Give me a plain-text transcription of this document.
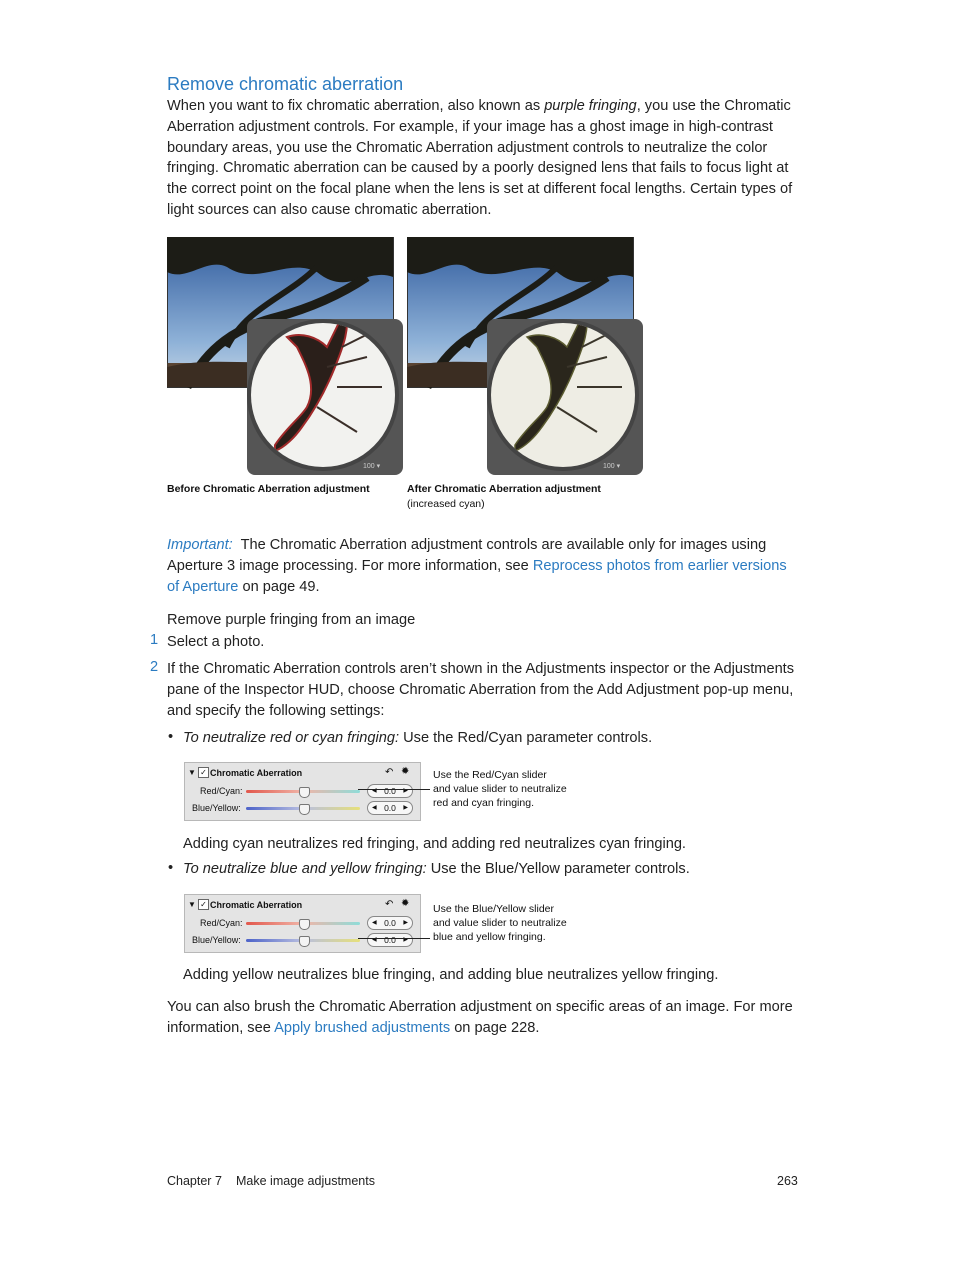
Remove chromatic aberration

When you want to fix chromatic aberration, also known as purple fringing, you use the Chromatic Aberration adjustment controls. For example, if your image has a ghost image in high-contrast boundary areas, you use the Chromatic Aberration adjustment controls to neutralize the color fringing. Chromatic aberration can be caused by a poorly designed lens that fails to focus light at the correct point on the focal plane when the lens is set at different focal lengths. Certain types of light sources can also cause chromatic aberration.

100 ▾	100 ▾
Before Chromatic Aberration adjustment	After Chromatic Aberration adjustment
(increased cyan)

Important: The Chromatic Aberration adjustment controls are available only for images using Aperture 3 image processing. For more information, see Reprocess photos from earlier versions of Aperture on page 49.

Remove purple fringing from an image
1 Select a photo.
2 If the Chromatic Aberration controls aren’t shown in the Adjustments inspector or the Adjustments pane of the Inspector HUD, choose Chromatic Aberration from the Add Adjustment pop-up menu, and specify the following settings:
• To neutralize red or cyan fringing: Use the Red/Cyan parameter controls.
▼ ✓ Chromatic Aberration	↶ ✹
Red/Cyan:	◀ 0.0 ▶
Blue/Yellow:	◀ 0.0 ▶
Use the Red/Cyan slider
and value slider to neutralize
red and cyan fringing.
Adding cyan neutralizes red fringing, and adding red neutralizes cyan fringing.
• To neutralize blue and yellow fringing: Use the Blue/Yellow parameter controls.
▼ ✓ Chromatic Aberration	↶ ✹
Red/Cyan:	◀ 0.0 ▶
Blue/Yellow:	◀ 0.0 ▶
Use the Blue/Yellow slider
and value slider to neutralize
blue and yellow fringing.
Adding yellow neutralizes blue fringing, and adding blue neutralizes yellow fringing.

You can also brush the Chromatic Aberration adjustment on specific areas of an image. For more information, see Apply brushed adjustments on page 228.

Chapter 7 Make image adjustments	263
